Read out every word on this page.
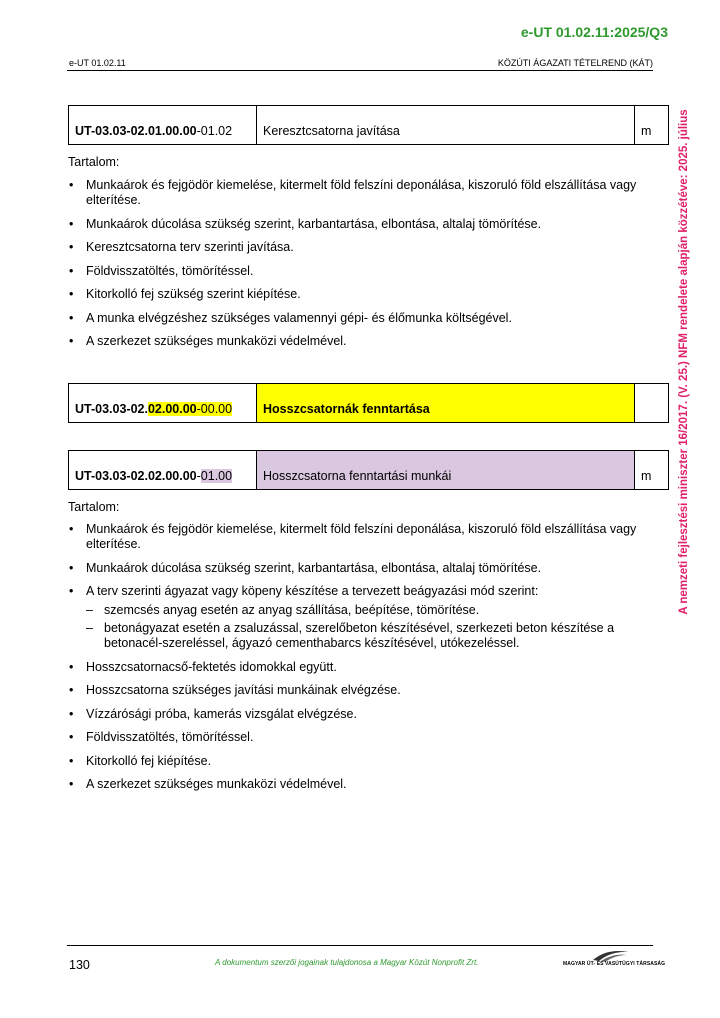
e-UT 01.02.11:2025/Q3
e-UT 01.02.11	KÖZÚTI ÁGAZATI TÉTELREND (KÁT)
A nemzeti fejlesztési miniszter 16/2017. (V. 25.) NFM rendelete alapján közzétéve: 2025. július
UT-03.03-02.01.00.00-01.02	Keresztcsatorna javítása	m
Tartalom:
• Munkaárok és fejgödör kiemelése, kitermelt föld felszíni deponálása, kiszoruló föld elszállítása vagy elterítése.
• Munkaárok dúcolása szükség szerint, karbantartása, elbontása, altalaj tömörítése.
• Keresztcsatorna terv szerinti javítása.
• Földvisszatöltés, tömörítéssel.
• Kitorkolló fej szükség szerint kiépítése.
• A munka elvégzéshez szükséges valamennyi gépi- és élőmunka költségével.
• A szerkezet szükséges munkaközi védelmével.
UT-03.03-02.02.00.00-00.00	Hosszcsatornák fenntartása	
UT-03.03-02.02.00.00-01.00	Hosszcsatorna fenntartási munkái	m
Tartalom:
• Munkaárok és fejgödör kiemelése, kitermelt föld felszíni deponálása, kiszoruló föld elszállítása vagy elterítése.
• Munkaárok dúcolása szükség szerint, karbantartása, elbontása, altalaj tömörítése.
• A terv szerinti ágyazat vagy köpeny készítése a tervezett beágyazási mód szerint:
– szemcsés anyag esetén az anyag szállítása, beépítése, tömörítése.
– betonágyazat esetén a zsaluzással, szerelőbeton készítésével, szerkezeti beton készítése a betonacél-szereléssel, ágyazó cementhabarcs készítésével, utókezeléssel.
• Hosszcsatornacső-fektetés idomokkal együtt.
• Hosszcsatorna szükséges javítási munkáinak elvégzése.
• Vízzárósági próba, kamerás vizsgálat elvégzése.
• Földvisszatöltés, tömörítéssel.
• Kitorkolló fej kiépítése.
• A szerkezet szükséges munkaközi védelmével.
130	A dokumentum szerzői jogainak tulajdonosa a Magyar Közút Nonprofit Zrt.	MAGYAR ÚT- ÉS VASÚTÜGYI TÁRSASÁG
